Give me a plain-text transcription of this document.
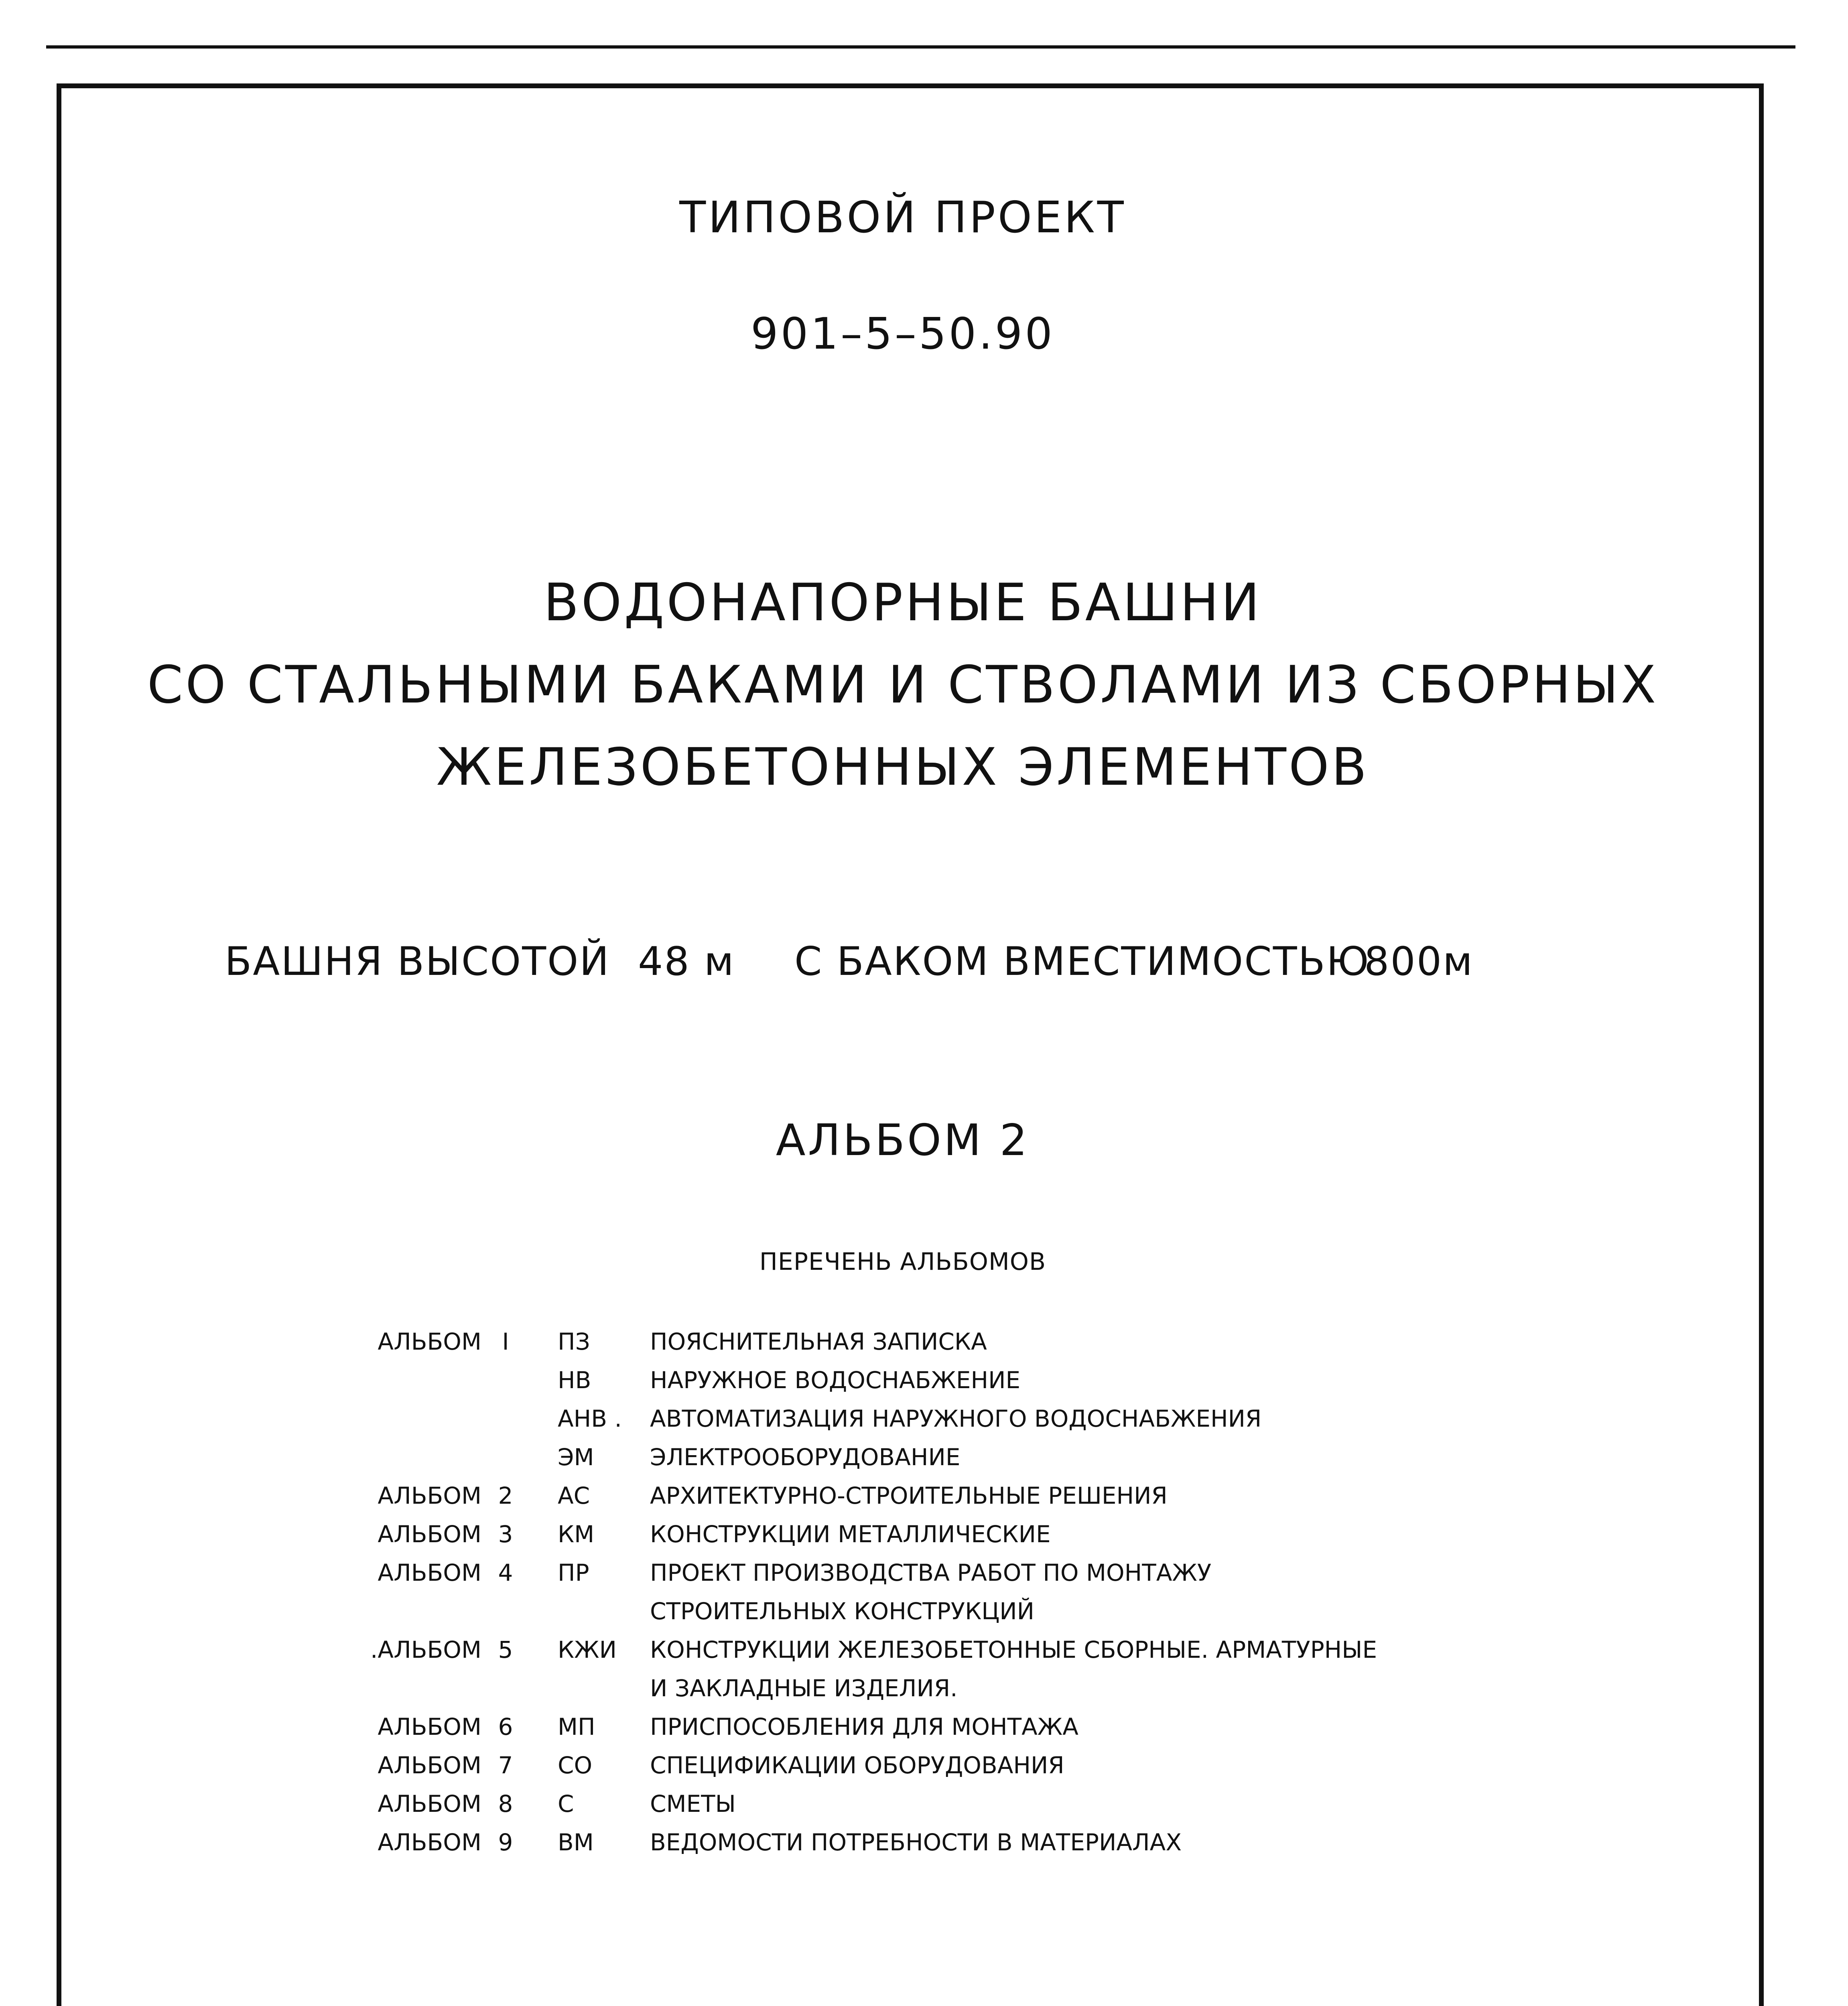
ТИПОВОЙ ПРОЕКТ
901–5–50.90
ВОДОНАПОРНЫЕ БАШНИ
СО СТАЛЬНЫМИ БАКАМИ И СТВОЛАМИ ИЗ СБОРНЫХ
ЖЕЛЕЗОБЕТОННЫХ ЭЛЕМЕНТОВ
БАШНЯ ВЫСОТОЙ 48 м С БАКОМ ВМЕСТИМОСТЬЮ
800м
АЛЬБОМ 2
ПЕРЕЧЕНЬ АЛЬБОМОВ
АЛЬБОМ I	ПЗ	ПОЯСНИТЕЛЬНАЯ ЗАПИСКА
НВ	НАРУЖНОЕ ВОДОСНАБЖЕНИЕ
АНВ . АВТОМАТИЗАЦИЯ НАРУЖНОГО ВОДОСНАБЖЕНИЯ
ЭМ ЭЛЕКТРООБОРУДОВАНИЕ
АЛЬБОМ 2 АС	АРХИТЕКТУРНО-СТРОИТЕЛЬНЫЕ РЕШЕНИЯ
АЛЬБОМ 3 КМ КОНСТРУКЦИИ МЕТАЛЛИЧЕСКИЕ
АЛЬБОМ 4 ПР	ПРОЕКТ ПРОИЗВОДСТВА РАБОТ ПО МОНТАЖУ
СТРОИТЕЛЬНЫХ КОНСТРУКЦИЙ
.АЛЬБОМ 5 КЖИ КОНСТРУКЦИИ ЖЕЛЕЗОБЕТОННЫЕ СБОРНЫЕ. АРМАТУРНЫЕ
И ЗАКЛАДНЫЕ ИЗДЕЛИЯ.
АЛЬБОМ 6 МП ПРИСПОСОБЛЕНИЯ ДЛЯ МОНТАЖА
АЛЬБОМ 7 СО СПЕЦИФИКАЦИИ ОБОРУДОВАНИЯ
АЛЬБОМ 8 С	СМЕТЫ
АЛЬБОМ 9 ВМ ВЕДОМОСТИ ПОТРЕБНОСТИ В МАТЕРИАЛАХ
